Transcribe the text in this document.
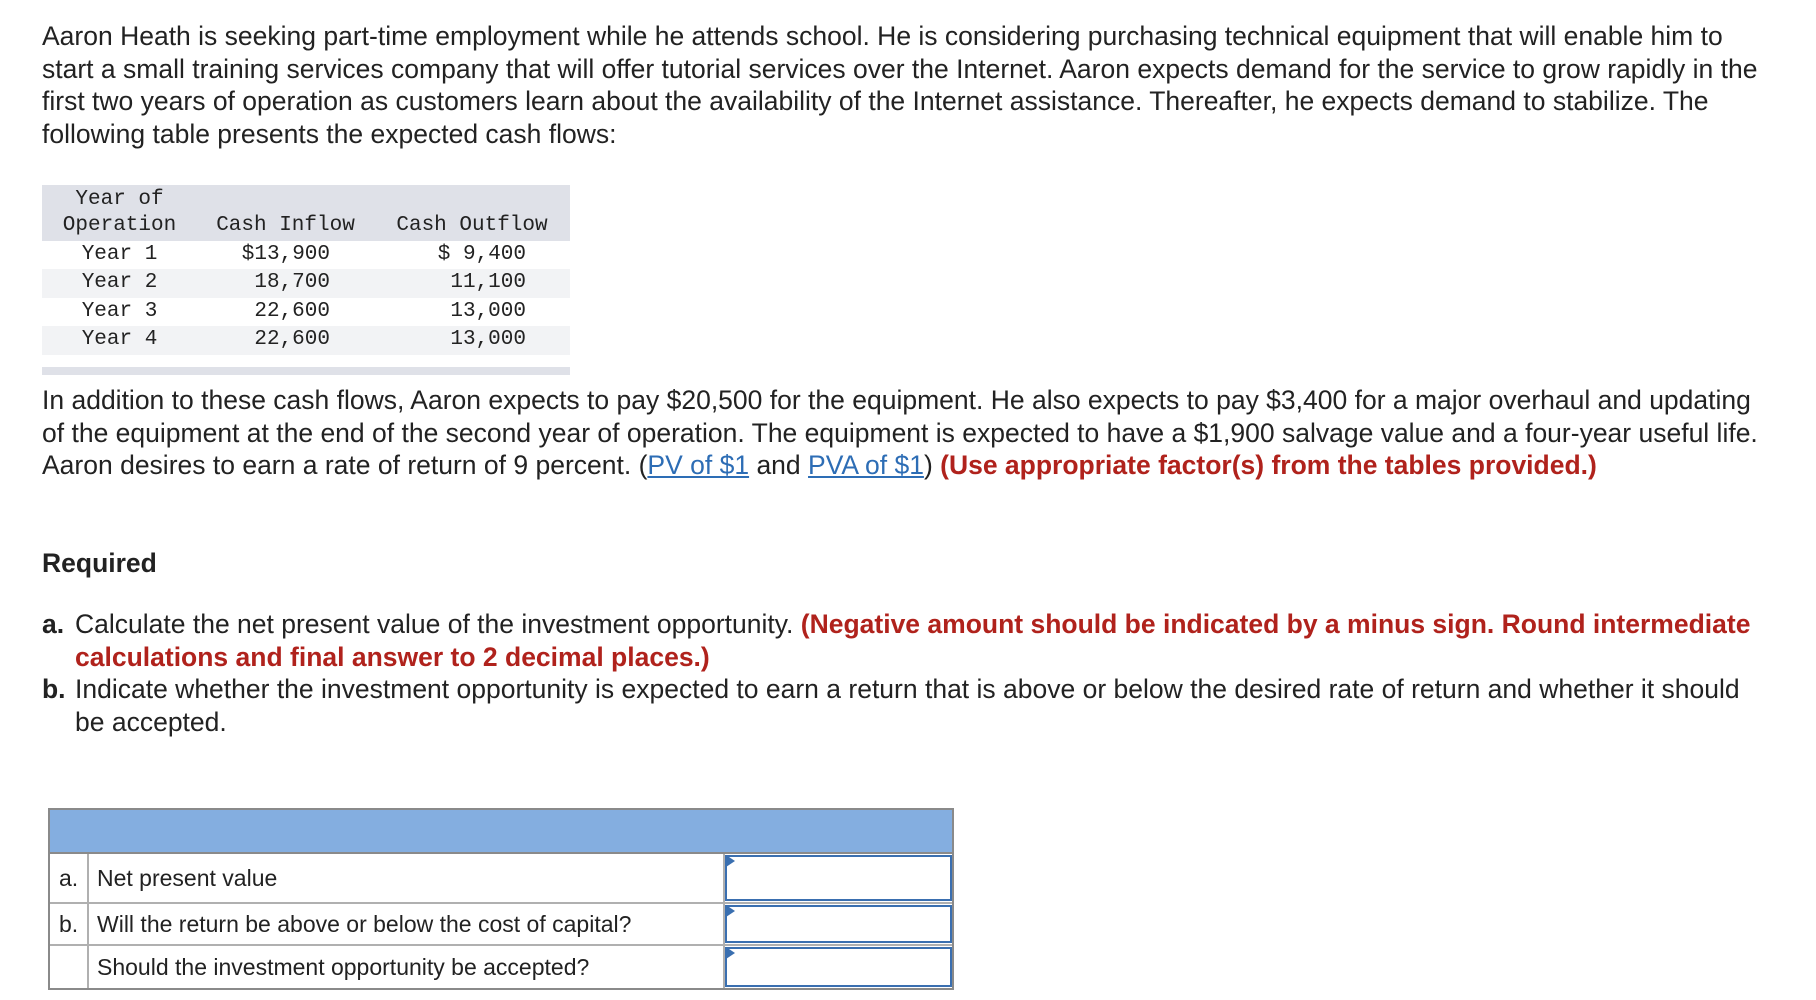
Aaron Heath is seeking part-time employment while he attends school. He is considering purchasing technical equipment that will enable him to start a small training services company that will offer tutorial services over the Internet. Aaron expects demand for the service to grow rapidly in the first two years of operation as customers learn about the availability of the Internet assistance. Thereafter, he expects demand to stabilize. The following table presents the expected cash flows:

Year of
Operation	Cash Inflow	Cash Outflow
Year 1	$13,900	$ 9,400
Year 2	18,700	11,100
Year 3	22,600	13,000
Year 4	22,600	13,000

In addition to these cash flows, Aaron expects to pay $20,500 for the equipment. He also expects to pay $3,400 for a major overhaul and updating of the equipment at the end of the second year of operation. The equipment is expected to have a $1,900 salvage value and a four-year useful life. Aaron desires to earn a rate of return of 9 percent. (PV of $1 and PVA of $1) (Use appropriate factor(s) from the tables provided.)

Required

a. Calculate the net present value of the investment opportunity. (Negative amount should be indicated by a minus sign. Round intermediate calculations and final answer to 2 decimal places.)
b. Indicate whether the investment opportunity is expected to earn a return that is above or below the desired rate of return and whether it should be accepted.
a. Net present value
b. Will the return be above or below the cost of capital?
Should the investment opportunity be accepted?
